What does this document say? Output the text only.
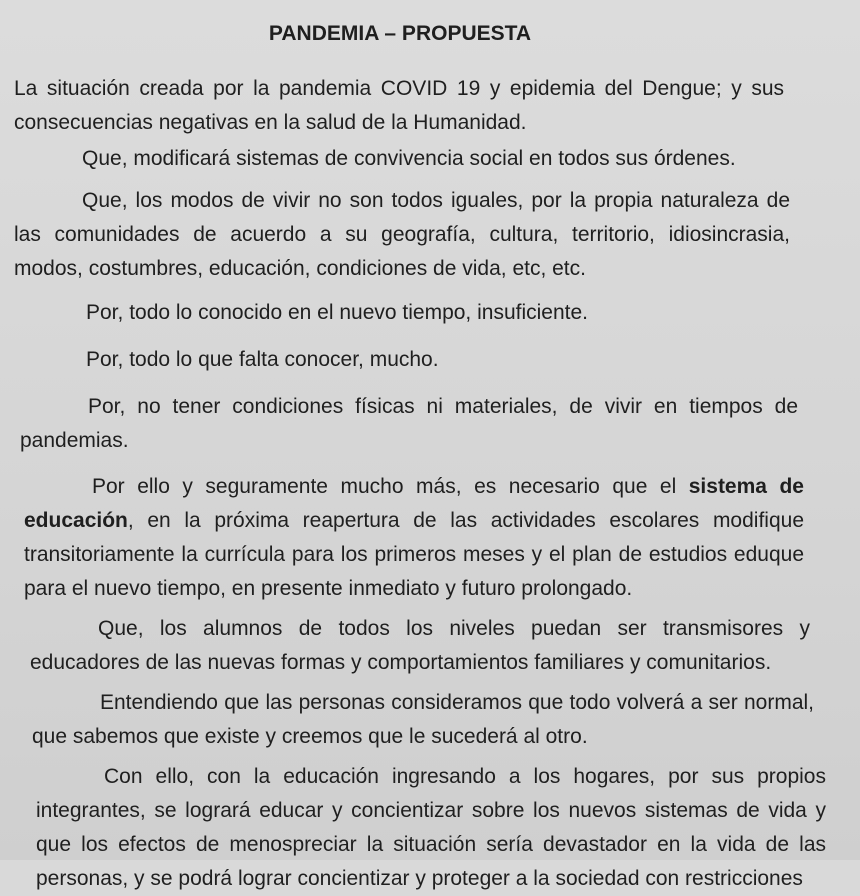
PANDEMIA – PROPUESTA
La situación creada por la pandemia COVID 19 y epidemia del Dengue; y sus consecuencias negativas en la salud de la Humanidad.
Que, modificará sistemas de convivencia social en todos sus órdenes.
Que, los modos de vivir no son todos iguales, por la propia naturaleza de las comunidades de acuerdo a su geografía, cultura, territorio, idiosincrasia, modos, costumbres, educación, condiciones de vida, etc, etc.
Por, todo lo conocido en el nuevo tiempo, insuficiente.
Por, todo lo que falta conocer, mucho.
Por, no tener condiciones físicas ni materiales, de vivir en tiempos de pandemias.
Por ello y seguramente mucho más, es necesario que el sistema de educación, en la próxima reapertura de las actividades escolares modifique transitoriamente la currícula para los primeros meses y el plan de estudios eduque para el nuevo tiempo, en presente inmediato y futuro prolongado.
Que, los alumnos de todos los niveles puedan ser transmisores y educadores de las nuevas formas y comportamientos familiares y comunitarios.
Entendiendo que las personas consideramos que todo volverá a ser normal, que sabemos que existe y creemos que le sucederá al otro.
Con ello, con la educación ingresando a los hogares, por sus propios integrantes, se logrará educar y concientizar sobre los nuevos sistemas de vida y que los efectos de menospreciar la situación sería devastador en la vida de las personas, y se podrá lograr concientizar y proteger a la sociedad con restricciones
